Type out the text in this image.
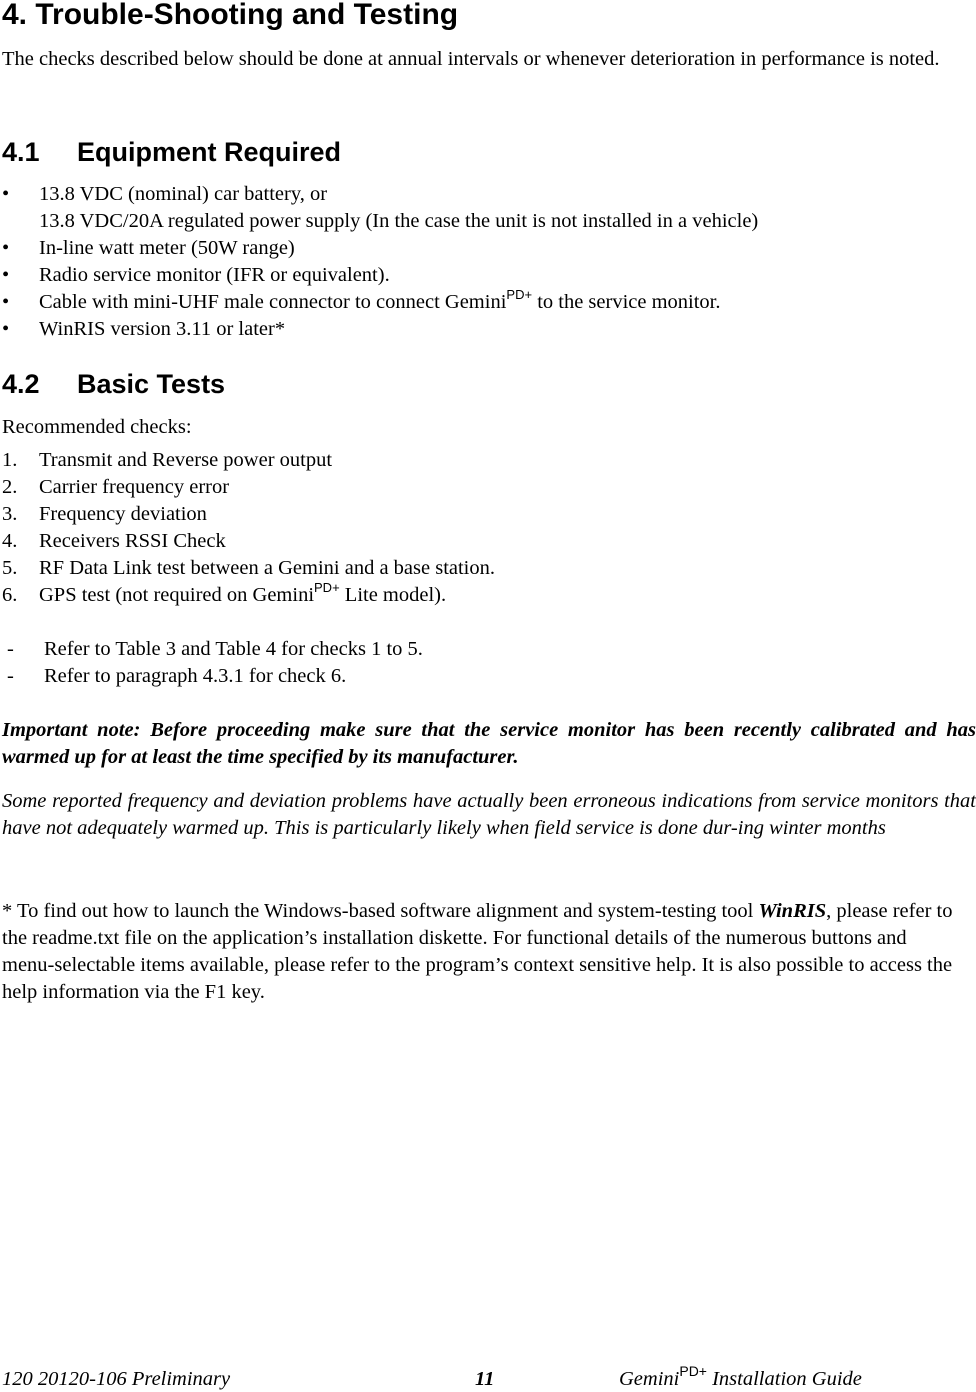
4. Trouble-Shooting and Testing
The checks described below should be done at annual intervals or whenever deterioration in performance is noted.
4.1 Equipment Required
• 13.8 VDC (nominal) car battery, or
13.8 VDC/20A regulated power supply (In the case the unit is not installed in a vehicle)
• In-line watt meter (50W range)
• Radio service monitor (IFR or equivalent).
• Cable with mini-UHF male connector to connect Gemini$^{PD+}$ to the service monitor.
• WinRIS version 3.11 or later*
4.2 Basic Tests
Recommended checks:
1. Transmit and Reverse power output
2. Carrier frequency error
3. Frequency deviation
4. Receivers RSSI Check
5. RF Data Link test between a Gemini and a base station.
6. GPS test (not required on Gemini$^{PD+}$ Lite model).
- Refer to Table 3 and Table 4 for checks 1 to 5.
- Refer to paragraph 4.3.1 for check 6.
Important note: Before proceeding make sure that the service monitor has been recently calibrated and has warmed up for at least the time specified by its manufacturer.
Some reported frequency and deviation problems have actually been erroneous indications from service monitors that have not adequately warmed up. This is particularly likely when field service is done dur-ing winter months
* To find out how to launch the Windows-based software alignment and system-testing tool WinRIS, please refer to the readme.txt file on the application’s installation diskette. For functional details of the numerous buttons and menu-selectable items available, please refer to the program’s context sensitive help. It is also possible to access the help information via the F1 key.
120 20120-106 Preliminary	11	Gemini$^{PD+}$ Installation Guide
